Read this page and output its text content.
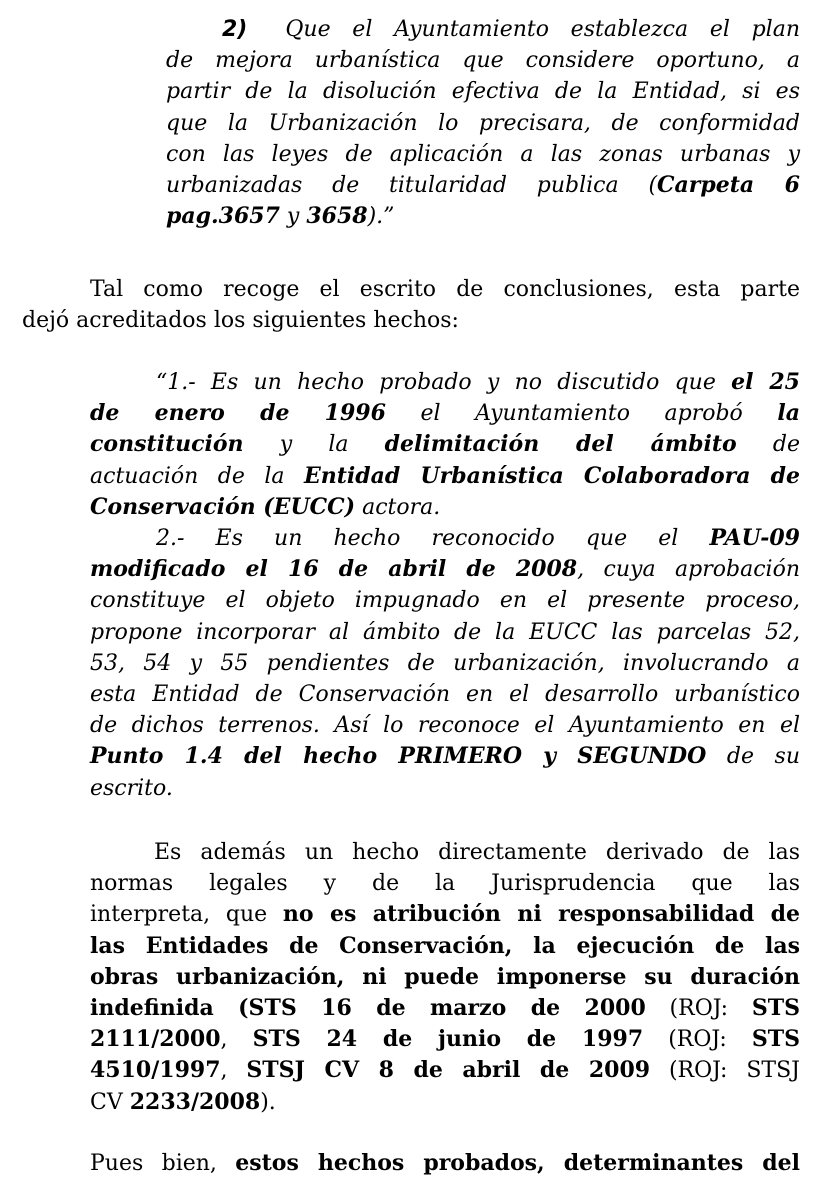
2) Que el Ayuntamiento establezca el plan
de mejora urbanística que considere oportuno, a
partir de la disolución efectiva de la Entidad, si es
que la Urbanización lo precisara, de conformidad
con las leyes de aplicación a las zonas urbanas y
urbanizadas de titularidad publica (Carpeta 6
pag.3657 y 3658).”
Tal como recoge el escrito de conclusiones, esta parte
dejó acreditados los siguientes hechos:
“1.- Es un hecho probado y no discutido que el 25
de enero de 1996 el Ayuntamiento aprobó la
constitución y la delimitación del ámbito de
actuación de la Entidad Urbanística Colaboradora de
Conservación (EUCC) actora.
2.- Es un hecho reconocido que el PAU-09
modificado el 16 de abril de 2008, cuya aprobación
constituye el objeto impugnado en el presente proceso,
propone incorporar al ámbito de la EUCC las parcelas 52,
53, 54 y 55 pendientes de urbanización, involucrando a
esta Entidad de Conservación en el desarrollo urbanístico
de dichos terrenos. Así lo reconoce el Ayuntamiento en el
Punto 1.4 del hecho PRIMERO y SEGUNDO de su
escrito.
Es además un hecho directamente derivado de las
normas legales y de la Jurisprudencia que las
interpreta, que no es atribución ni responsabilidad de
las Entidades de Conservación, la ejecución de las
obras urbanización, ni puede imponerse su duración
indefinida (STS 16 de marzo de 2000 (ROJ: STS
2111/2000, STS 24 de junio de 1997 (ROJ: STS
4510/1997, STSJ CV 8 de abril de 2009 (ROJ: STSJ
CV 2233/2008).
Pues bien, estos hechos probados, determinantes del
